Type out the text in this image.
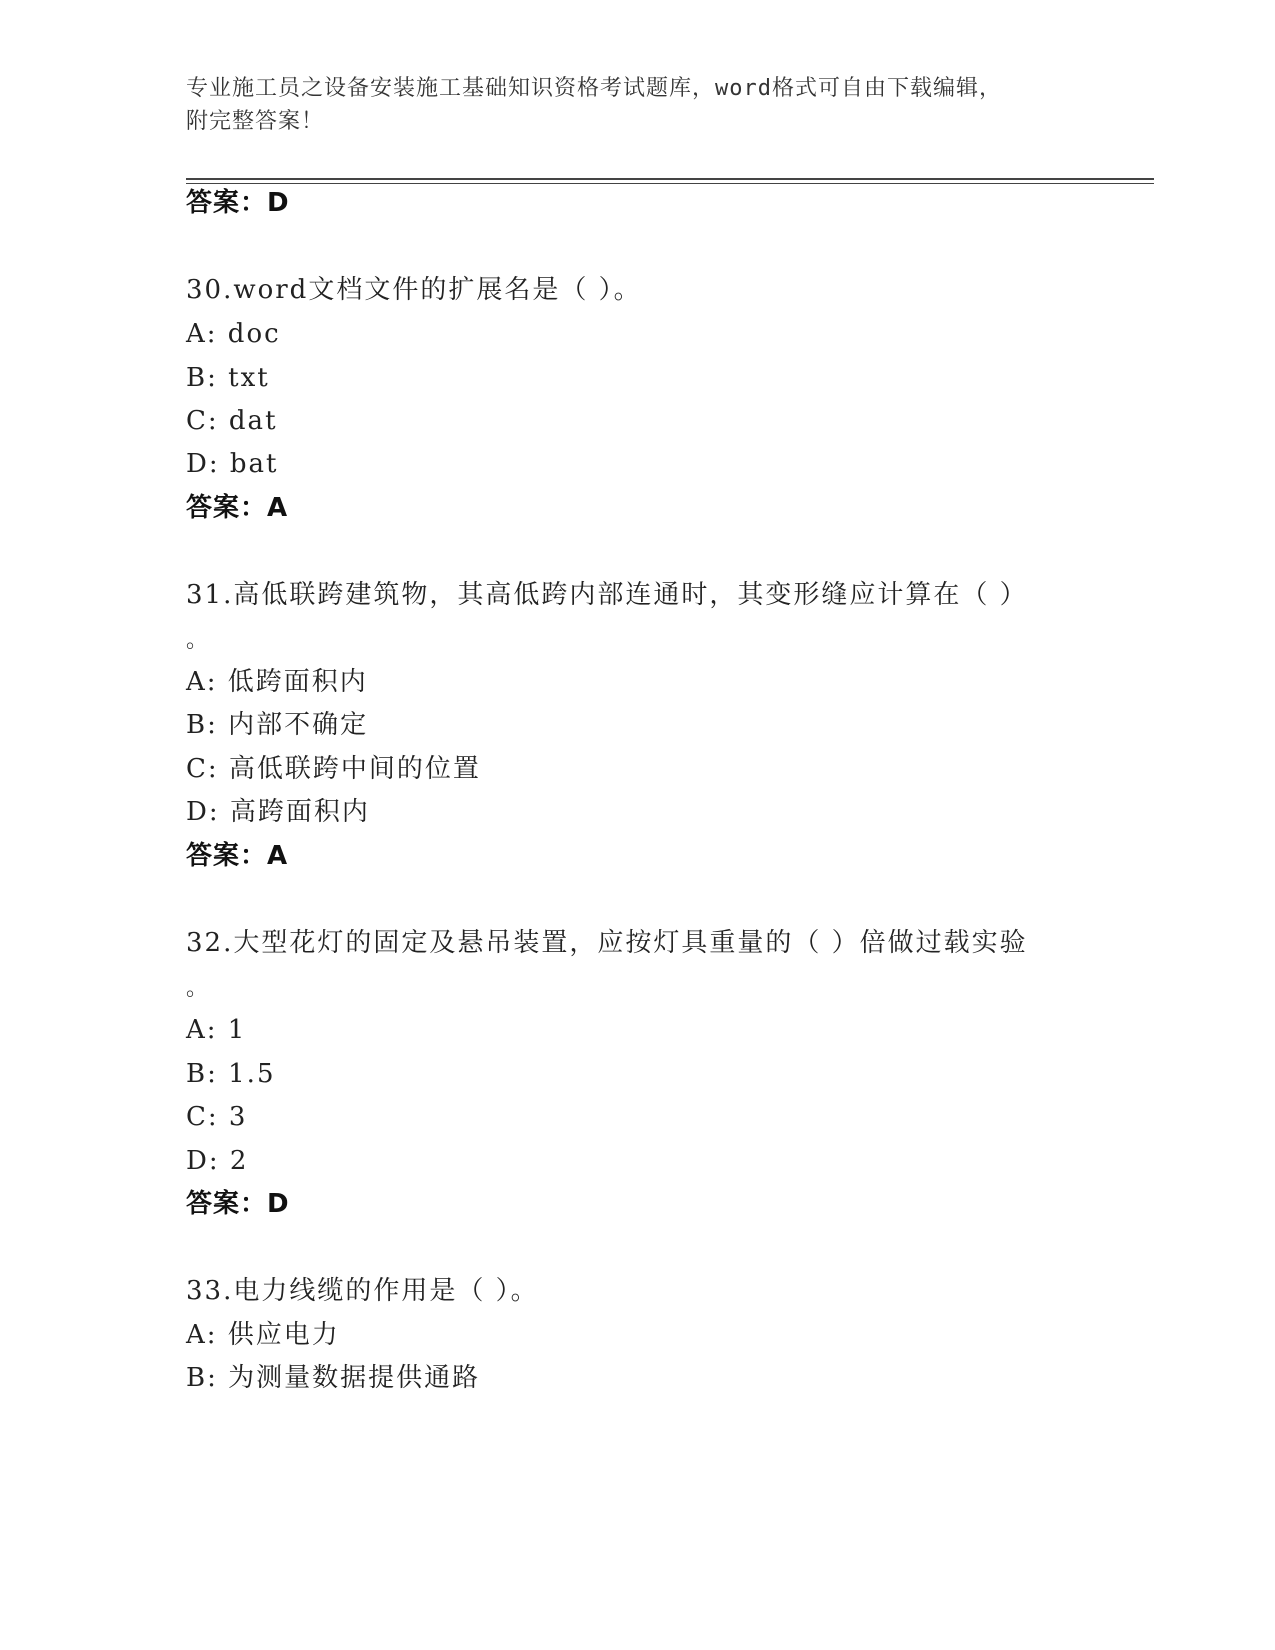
专业施工员之设备安装施工基础知识资格考试题库，word格式可自由下载编辑，
附完整答案！
答案：D
30.word文档文件的扩展名是（ ）。
A: doc
B: txt
C: dat
D: bat
答案：A
31.高低联跨建筑物，其高低跨内部连通时，其变形缝应计算在（ ）
。
A: 低跨面积内
B: 内部不确定
C: 高低联跨中间的位置
D: 高跨面积内
答案：A
32.大型花灯的固定及悬吊装置，应按灯具重量的（ ）倍做过载实验
。
A: 1
B: 1.5
C: 3
D: 2
答案：D
33.电力线缆的作用是（ ）。
A: 供应电力
B: 为测量数据提供通路
